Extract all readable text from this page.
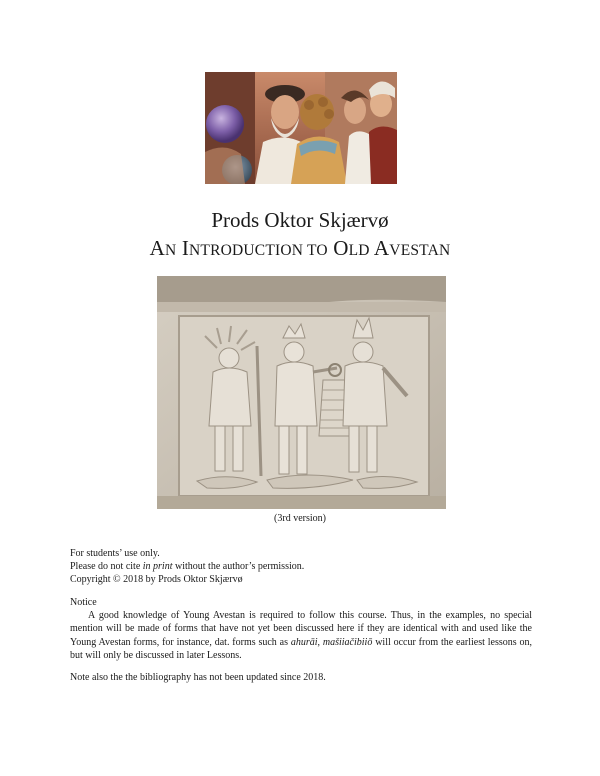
Prods Oktor Skjærvø
AN INTRODUCTION TO OLD AVESTAN
(3rd version)
For students’ use only.
Please do not cite in print without the author’s permission.
Copyright © 2018 by Prods Oktor Skjærvø
Notice
A good knowledge of Young Avestan is required to follow this course. Thus, in the examples, no special mention will be made of forms that have not yet been discussed here if they are identical with and used like the Young Avestan forms, for instance, dat. forms such as ahurāi, mašiiačibiiō will occur from the earliest lessons on, but will only be discussed in later Lessons.
Note also the the bibliography has not been updated since 2018.
